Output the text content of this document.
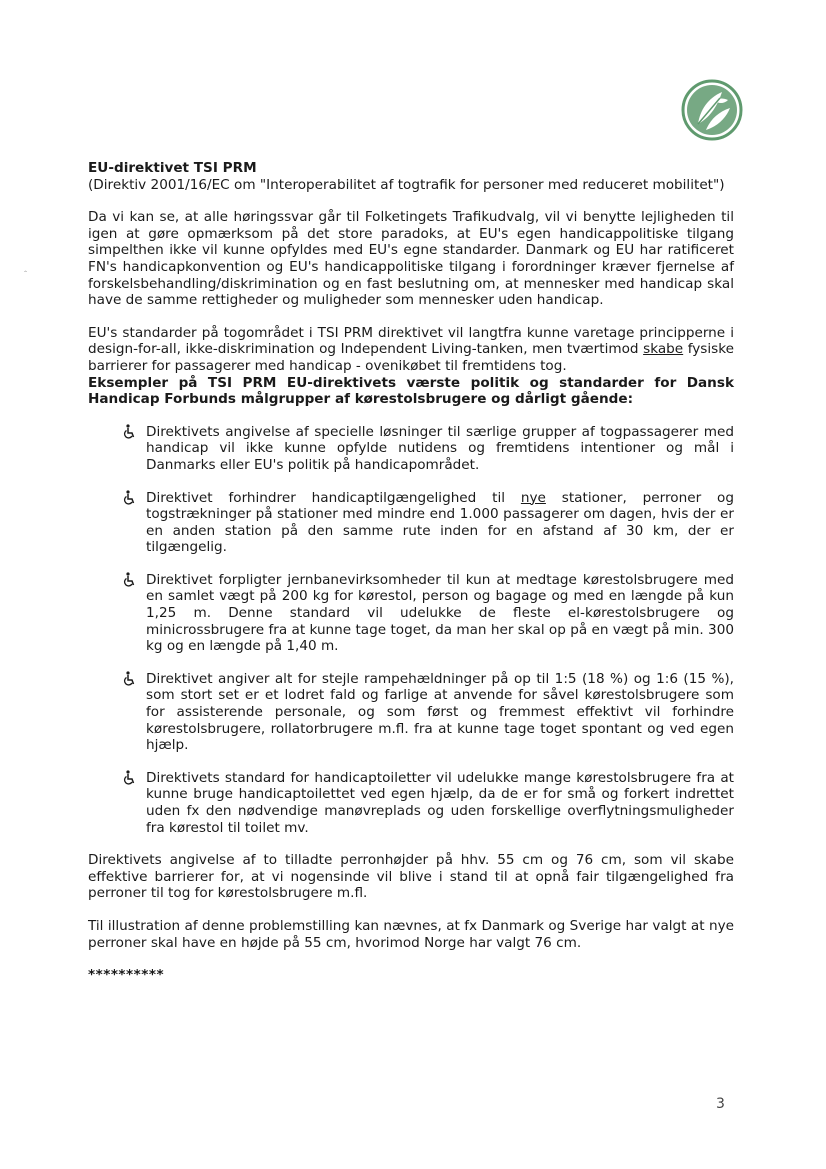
ꞈ

EU-direktivet TSI PRM

(Direktiv 2001/16/EC om "Interoperabilitet af togtrafik for personer med reduceret mobilitet")

Da vi kan se, at alle høringssvar går til Folketingets Trafikudvalg, vil vi benytte lejligheden til igen at gøre opmærksom på det store paradoks, at EU's egen handicappolitiske tilgang simpelthen ikke vil kunne opfyldes med EU's egne standarder. Danmark og EU har ratificeret FN's handicapkonvention og EU's handicappolitiske tilgang i forordninger kræver fjernelse af forskelsbehandling/diskrimination og en fast beslutning om, at mennesker med handicap skal have de samme rettigheder og muligheder som mennesker uden handicap.

EU's standarder på togområdet i TSI PRM direktivet vil langtfra kunne varetage principperne i design-for-all, ikke-diskrimination og Independent Living-tanken, men tværtimod skabe fysiske barrierer for passagerer med handicap - ovenikøbet til fremtidens tog.

Eksempler på TSI PRM EU-direktivets værste politik og standarder for Dansk Handicap Forbunds målgrupper af kørestolsbrugere og dårligt gående:

Direktivets angivelse af specielle løsninger til særlige grupper af togpassagerer med handicap vil ikke kunne opfylde nutidens og fremtidens intentioner og mål i Danmarks eller EU's politik på handicapområdet.

Direktivet forhindrer handicaptilgængelighed til nye stationer, perroner og togstrækninger på stationer med mindre end 1.000 passagerer om dagen, hvis der er en anden station på den samme rute inden for en afstand af 30 km, der er tilgængelig.

Direktivet forpligter jernbanevirksomheder til kun at medtage kørestolsbrugere med en samlet vægt på 200 kg for kørestol, person og bagage og med en længde på kun 1,25 m. Denne standard vil udelukke de fleste el-kørestolsbrugere og minicrossbrugere fra at kunne tage toget, da man her skal op på en vægt på min. 300 kg og en længde på 1,40 m.

Direktivet angiver alt for stejle rampehældninger på op til 1:5 (18 %) og 1:6 (15 %), som stort set er et lodret fald og farlige at anvende for såvel kørestolsbrugere som for assisterende personale, og som først og fremmest effektivt vil forhindre kørestolsbrugere, rollatorbrugere m.fl. fra at kunne tage toget spontant og ved egen hjælp.

Direktivets standard for handicaptoiletter vil udelukke mange kørestolsbrugere fra at kunne bruge handicaptoilettet ved egen hjælp, da de er for små og forkert indrettet uden fx den nødvendige manøvreplads og uden forskellige overflytningsmuligheder fra kørestol til toilet mv.

Direktivets angivelse af to tilladte perronhøjder på hhv. 55 cm og 76 cm, som vil skabe effektive barrierer for, at vi nogensinde vil blive i stand til at opnå fair tilgængelighed fra perroner til tog for kørestolsbrugere m.fl.

Til illustration af denne problemstilling kan nævnes, at fx Danmark og Sverige har valgt at nye perroner skal have en højde på 55 cm, hvorimod Norge har valgt 76 cm.

**********

3
